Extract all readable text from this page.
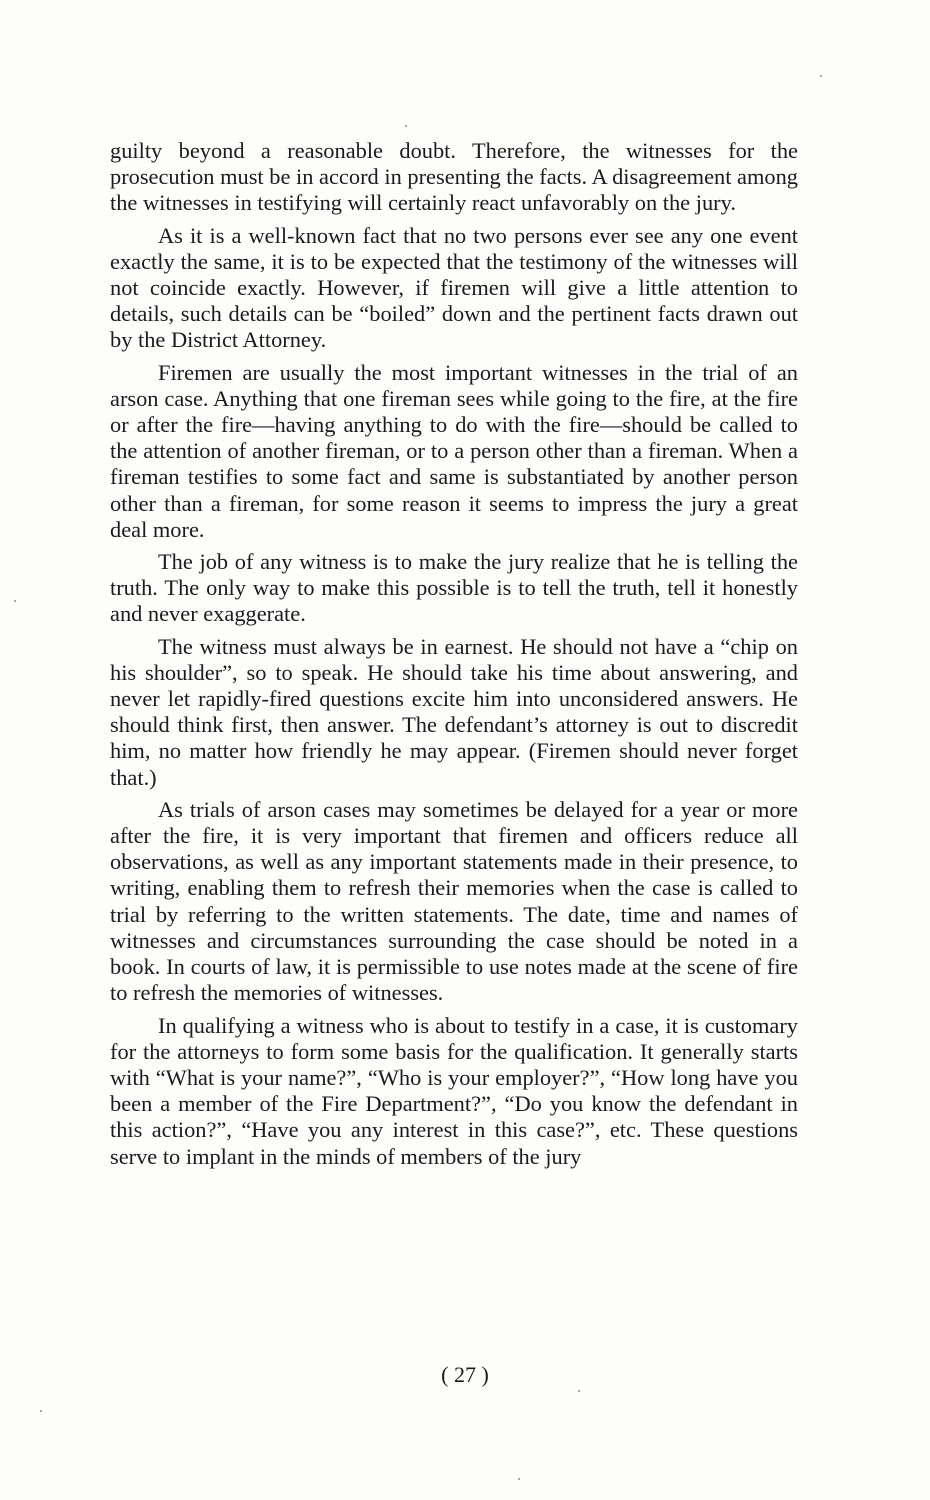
guilty beyond a reasonable doubt. Therefore, the witnesses for the prosecution must be in accord in presenting the facts. A disagreement among the witnesses in testifying will certainly react unfavorably on the jury.

As it is a well-known fact that no two persons ever see any one event exactly the same, it is to be expected that the testimony of the witnesses will not coincide exactly. However, if firemen will give a little attention to details, such details can be “boiled” down and the pertinent facts drawn out by the District Attorney.

Firemen are usually the most important witnesses in the trial of an arson case. Anything that one fireman sees while going to the fire, at the fire or after the fire—having anything to do with the fire—should be called to the attention of another fireman, or to a person other than a fireman. When a fireman testifies to some fact and same is substantiated by another person other than a fireman, for some reason it seems to impress the jury a great deal more.

The job of any witness is to make the jury realize that he is telling the truth. The only way to make this possible is to tell the truth, tell it honestly and never exaggerate.

The witness must always be in earnest. He should not have a “chip on his shoulder”, so to speak. He should take his time about answering, and never let rapidly-fired questions excite him into unconsidered answers. He should think first, then answer. The defendant’s attorney is out to discredit him, no matter how friendly he may appear. (Firemen should never forget that.)

As trials of arson cases may sometimes be delayed for a year or more after the fire, it is very important that firemen and officers reduce all observations, as well as any important statements made in their presence, to writing, enabling them to refresh their memories when the case is called to trial by referring to the written statements. The date, time and names of witnesses and circumstances surrounding the case should be noted in a book. In courts of law, it is permissible to use notes made at the scene of fire to refresh the memories of witnesses.

In qualifying a witness who is about to testify in a case, it is customary for the attorneys to form some basis for the qualification. It generally starts with “What is your name?”, “Who is your employer?”, “How long have you been a member of the Fire Department?”, “Do you know the defendant in this action?”, “Have you any interest in this case?”, etc. These questions serve to implant in the minds of members of the jury

( 27 )
